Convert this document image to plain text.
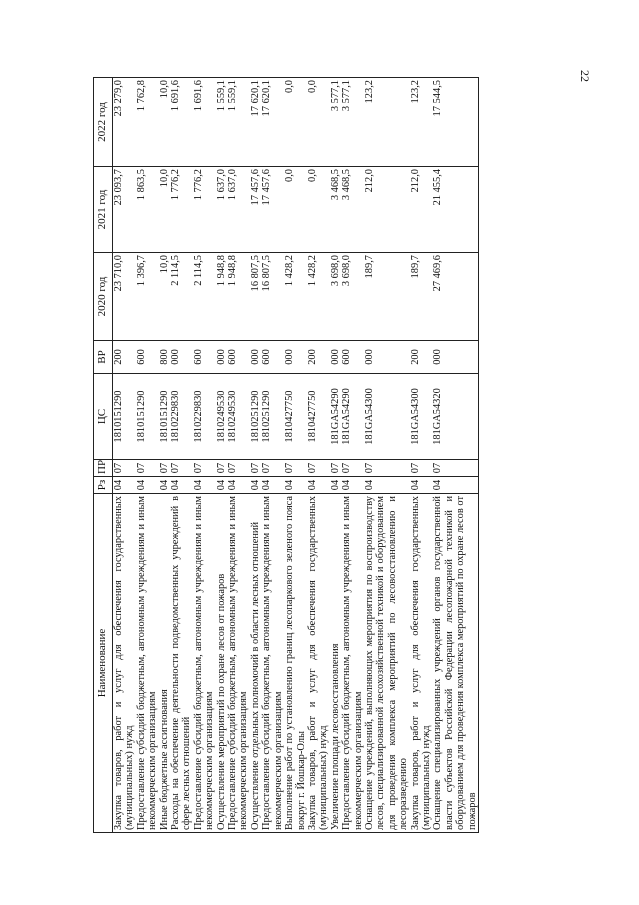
22
Наименование	Рз	ПР	ЦС	ВР	2020 год	2021 год	2022 год
Закупка товаров, работ и услуг для обеспечения государственных (муниципальных) нужд	04	07	1810151290	200	23 710,0	23 093,7	23 279,0
Предоставление субсидий бюджетным, автономным учреждениям и иным некоммерческим организациям	04	07	1810151290	600	1 396,7	1 863,5	1 762,8
Иные бюджетные ассигнования	04	07	1810151290	800	10,0	10,0	10,0
Расходы на обеспечение деятельности подведомственных учреждений в сфере лесных отношений	04	07	1810229830	000	2 114,5	1 776,2	1 691,6
Предоставление субсидий бюджетным, автономным учреждениям и иным некоммерческим организациям	04	07	1810229830	600	2 114,5	1 776,2	1 691,6
Осуществление мероприятий по охране лесов от пожаров	04	07	1810249530	000	1 948,8	1 637,0	1 559,1
Предоставление субсидий бюджетным, автономным учреждениям и иным некоммерческим организациям	04	07	1810249530	600	1 948,8	1 637,0	1 559,1
Осуществление отдельных полномочий в области лесных отношений	04	07	1810251290	000	16 807,5	17 457,6	17 620,1
Предоставление субсидий бюджетным, автономным учреждениям и иным некоммерческим организациям	04	07	1810251290	600	16 807,5	17 457,6	17 620,1
Выполнение работ по установлению границ лесопаркового зеленого пояса вокруг г. Йошкар-Олы	04	07	1810427750	000	1 428,2	0,0	0,0
Закупка товаров, работ и услуг для обеспечения государственных (муниципальных) нужд	04	07	1810427750	200	1 428,2	0,0	0,0
Увеличение площади лесовосстановления	04	07	181GA54290	000	3 698,0	3 468,5	3 577,1
Предоставление субсидий бюджетным, автономным учреждениям и иным некоммерческим организациям	04	07	181GA54290	600	3 698,0	3 468,5	3 577,1
Оснащение учреждений, выполняющих мероприятия по воспроизводству лесов, специализированной лесохозяйственной техникой и оборудованием для проведения комплекса мероприятий по лесовосстановлению и лесоразведению	04	07	181GA54300	000	189,7	212,0	123,2
Закупка товаров, работ и услуг для обеспечения государственных (муниципальных) нужд	04	07	181GA54300	200	189,7	212,0	123,2
Оснащение специализированных учреждений органов государственной власти субъектов Российской Федерации лесопожарной техникой и оборудованием для проведения комплекса мероприятий по охране лесов от пожаров	04	07	181GA54320	000	27 469,6	21 455,4	17 544,5
